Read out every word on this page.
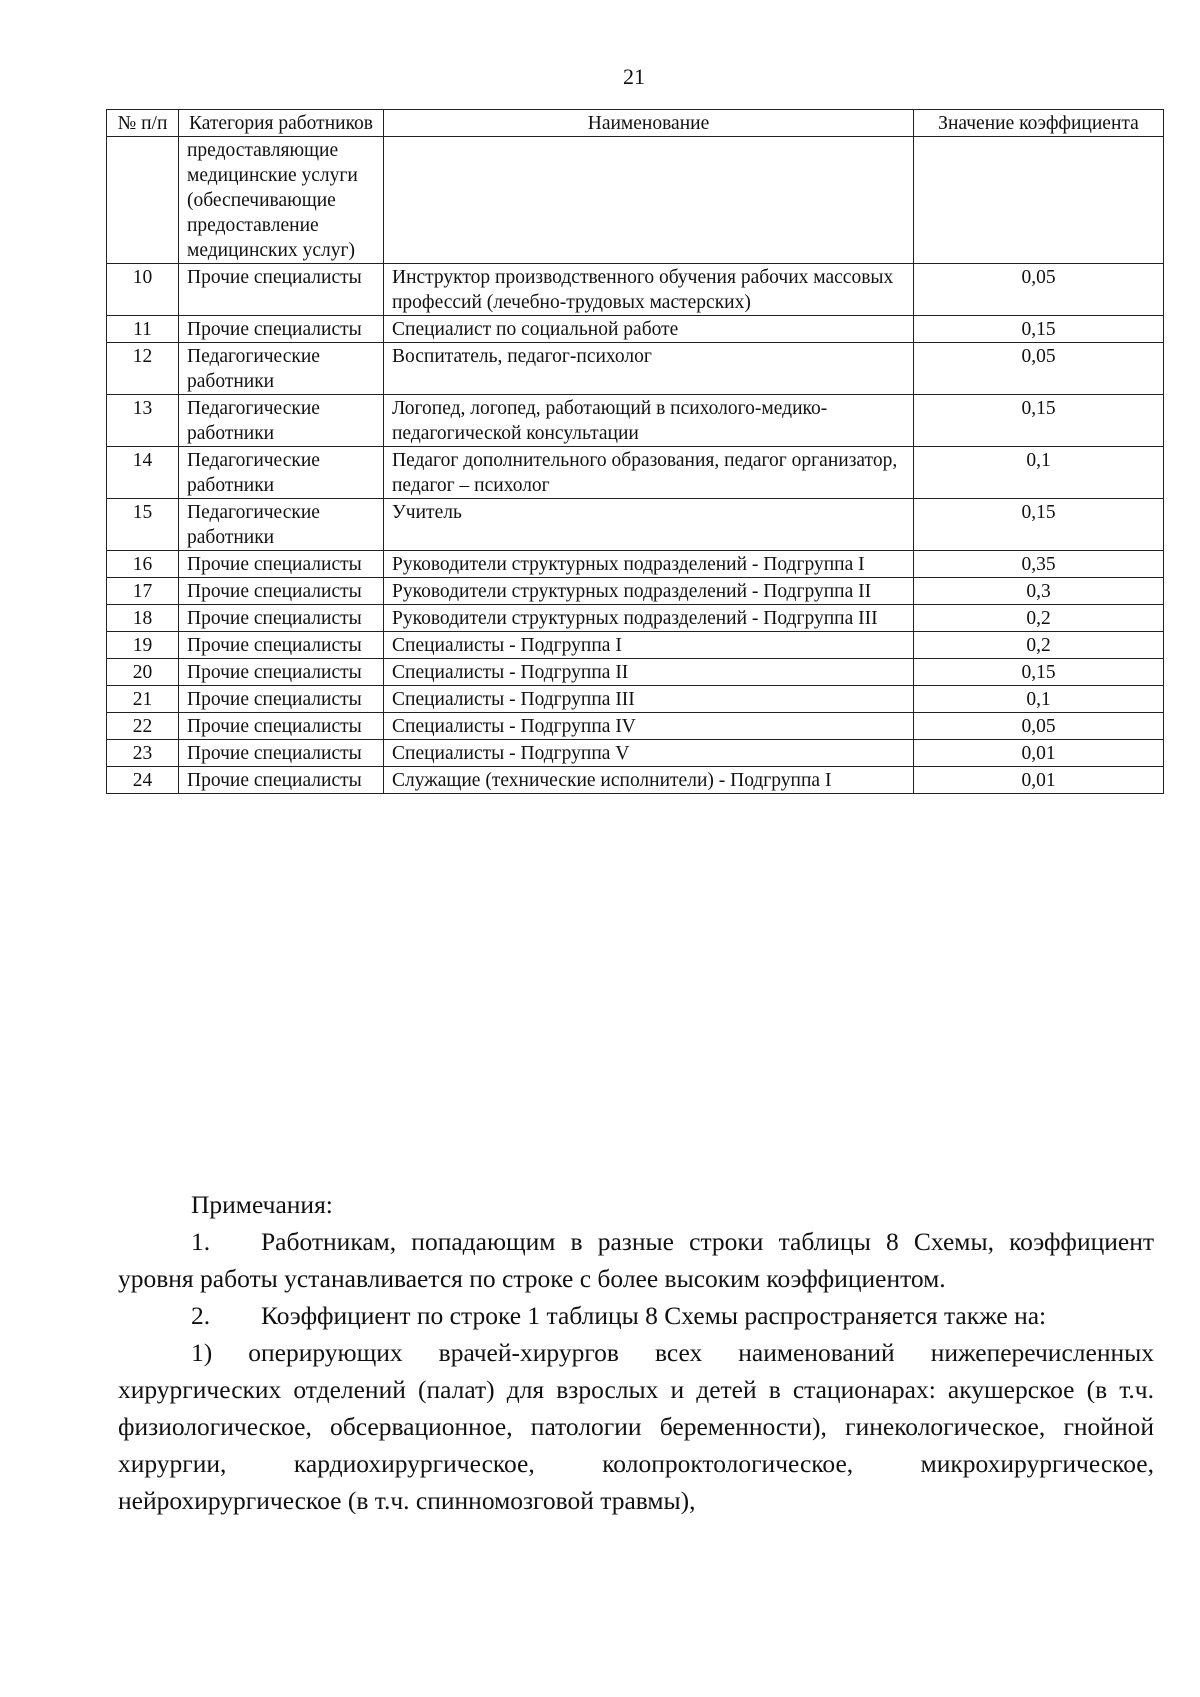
21
№ п/п	Категория работников	Наименование	Значение коэффициента
	предоставляющие медицинские услуги (обеспечивающие предоставление медицинских услуг)		
10	Прочие специалисты	Инструктор производственного обучения рабочих массовых профессий (лечебно-трудовых мастерских)	0,05
11	Прочие специалисты	Специалист по социальной работе	0,15
12	Педагогические работники	Воспитатель, педагог-психолог	0,05
13	Педагогические работники	Логопед, логопед, работающий в психолого-медико-педагогической консультации	0,15
14	Педагогические работники	Педагог дополнительного образования, педагог организатор, педагог – психолог	0,1
15	Педагогические работники	Учитель	0,15
16	Прочие специалисты	Руководители структурных подразделений - Подгруппа I	0,35
17	Прочие специалисты	Руководители структурных подразделений - Подгруппа II	0,3
18	Прочие специалисты	Руководители структурных подразделений - Подгруппа III	0,2
19	Прочие специалисты	Специалисты - Подгруппа I	0,2
20	Прочие специалисты	Специалисты - Подгруппа II	0,15
21	Прочие специалисты	Специалисты - Подгруппа III	0,1
22	Прочие специалисты	Специалисты - Подгруппа IV	0,05
23	Прочие специалисты	Специалисты - Подгруппа V	0,01
24	Прочие специалисты	Служащие (технические исполнители) - Подгруппа I	0,01

Примечания:

1. Работникам, попадающим в разные строки таблицы 8 Схемы, коэффициент уровня работы устанавливается по строке с более высоким коэффициентом.

2. Коэффициент по строке 1 таблицы 8 Схемы распространяется также на:

1) оперирующих врачей-хирургов всех наименований нижеперечисленных хирургических отделений (палат) для взрослых и детей в стационарах: акушерское (в т.ч. физиологическое, обсервационное, патологии беременности), гинекологическое, гнойной хирургии, кардиохирургическое, колопроктологическое, микрохирургическое, нейрохирургическое (в т.ч. спинномозговой травмы),
